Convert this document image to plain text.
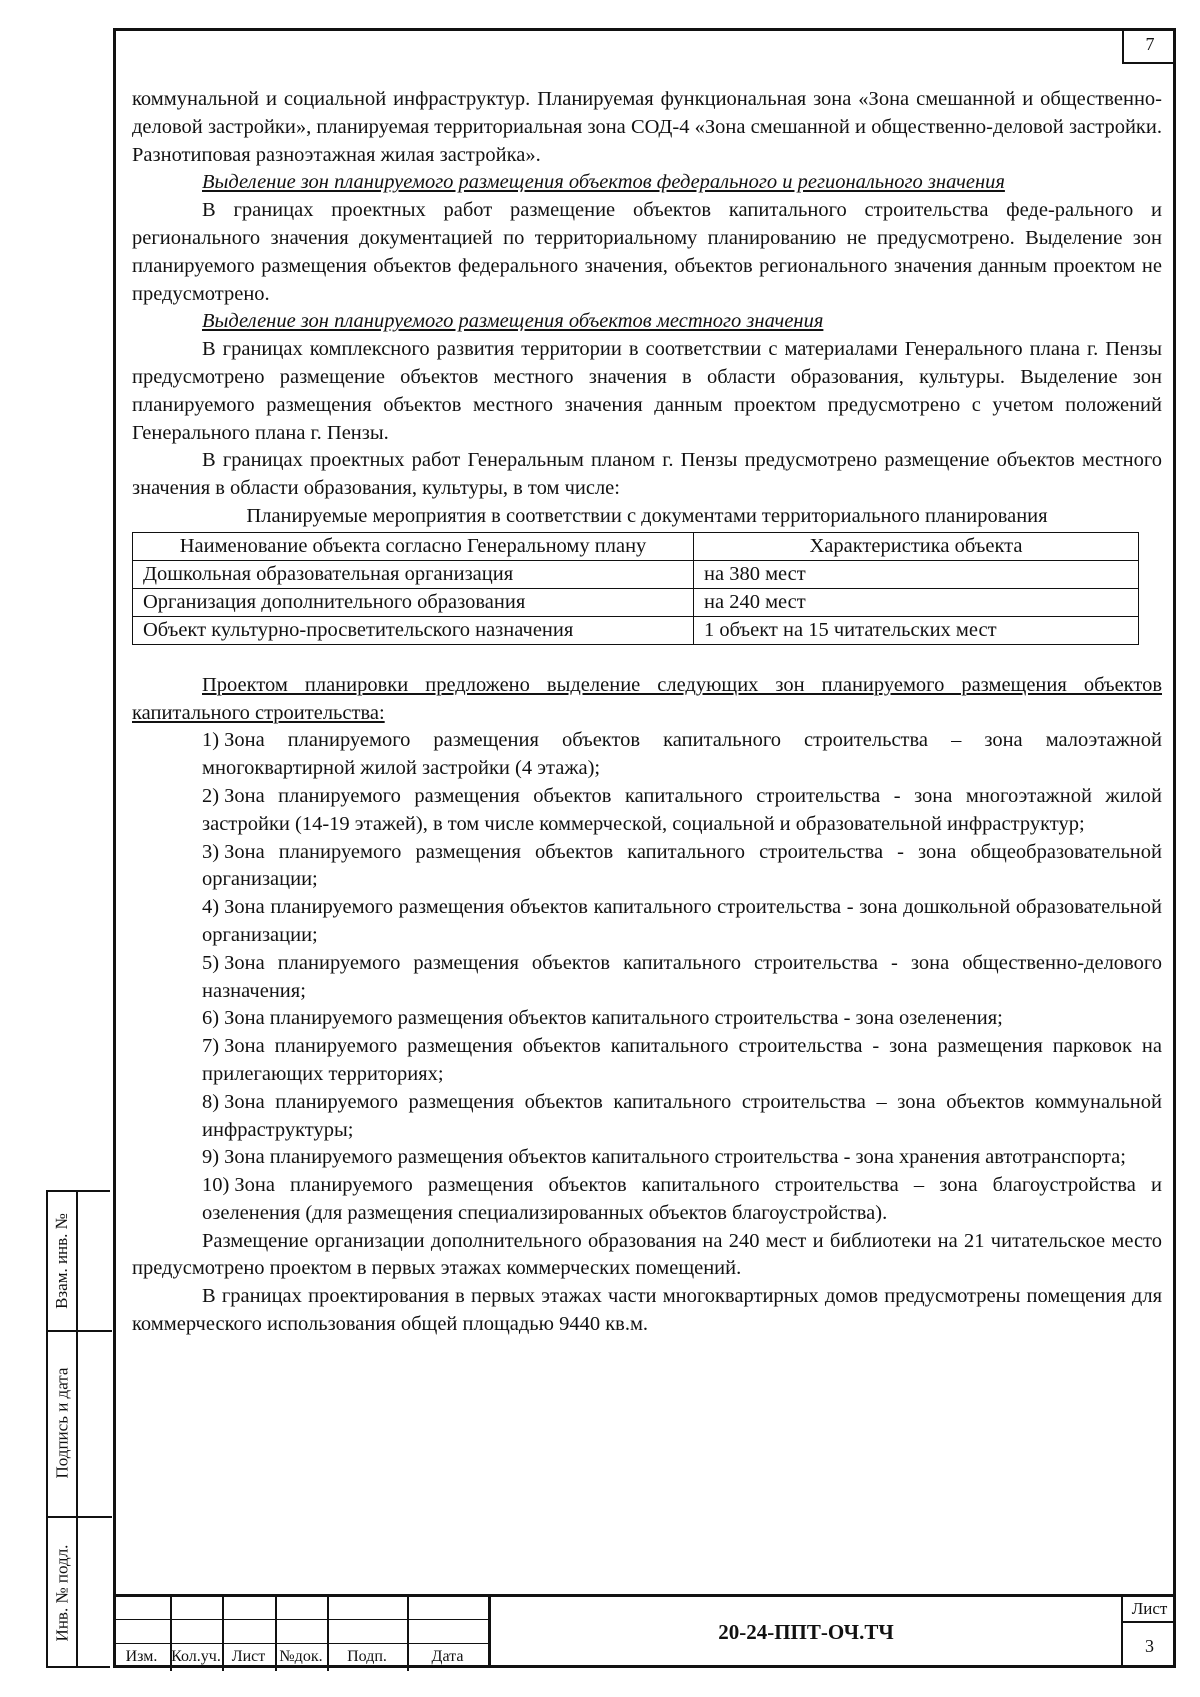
Взам. инв. №
Подпись и дата
Инв. № подл.
7

коммунальной и социальной инфраструктур. Планируемая функциональная зона «Зона смешанной и общественно-деловой застройки», планируемая территориальная зона СОД-4 «Зона смешанной и общественно-деловой застройки. Разнотиповая разноэтажная жилая застройка».

Выделение зон планируемого размещения объектов федерального и регионального значения

В границах проектных работ размещение объектов капитального строительства феде-рального и регионального значения документацией по территориальному планированию не предусмотрено. Выделение зон планируемого размещения объектов федерального значения, объектов регионального значения данным проектом не предусмотрено.

Выделение зон планируемого размещения объектов местного значения

В границах комплексного развития территории в соответствии с материалами Генерального плана г. Пензы предусмотрено размещение объектов местного значения в области образования, культуры. Выделение зон планируемого размещения объектов местного значения данным проектом предусмотрено с учетом положений Генерального плана г. Пензы.

В границах проектных работ Генеральным планом г. Пензы предусмотрено размещение объектов местного значения в области образования, культуры, в том числе:

Планируемые мероприятия в соответствии с документами территориального планирования

Наименование объекта согласно Генеральному плану	Характеристика объекта
Дошкольная образовательная организация	на 380 мест
Организация дополнительного образования	на 240 мест
Объект культурно-просветительского назначения	1 объект на 15 читательских мест

Проектом планировки предложено выделение следующих зон планируемого размещения объектов капитального строительства:

1) Зона планируемого размещения объектов капитального строительства – зона малоэтажной многоквартирной жилой застройки (4 этажа);
2) Зона планируемого размещения объектов капитального строительства - зона многоэтажной жилой застройки (14-19 этажей), в том числе коммерческой, социальной и образовательной инфраструктур;
3) Зона планируемого размещения объектов капитального строительства - зона общеобразовательной организации;
4) Зона планируемого размещения объектов капитального строительства - зона дошкольной образовательной организации;
5) Зона планируемого размещения объектов капитального строительства - зона общественно-делового назначения;
6) Зона планируемого размещения объектов капитального строительства - зона озеленения;
7) Зона планируемого размещения объектов капитального строительства - зона размещения парковок на прилегающих территориях;
8) Зона планируемого размещения объектов капитального строительства – зона объектов коммунальной инфраструктуры;
9) Зона планируемого размещения объектов капитального строительства - зона хранения автотранспорта;
10) Зона планируемого размещения объектов капитального строительства – зона благоустройства и озеленения (для размещения специализированных объектов благоустройства).

Размещение организации дополнительного образования на 240 мест и библиотеки на 21 читательское место предусмотрено проектом в первых этажах коммерческих помещений.

В границах проектирования в первых этажах части многоквартирных домов предусмотрены помещения для коммерческого использования общей площадью 9440 кв.м.

Изм. Кол.уч. Лист №док.	Подп.	Дата
20-24-ППТ-ОЧ.ТЧ
Лист
3
